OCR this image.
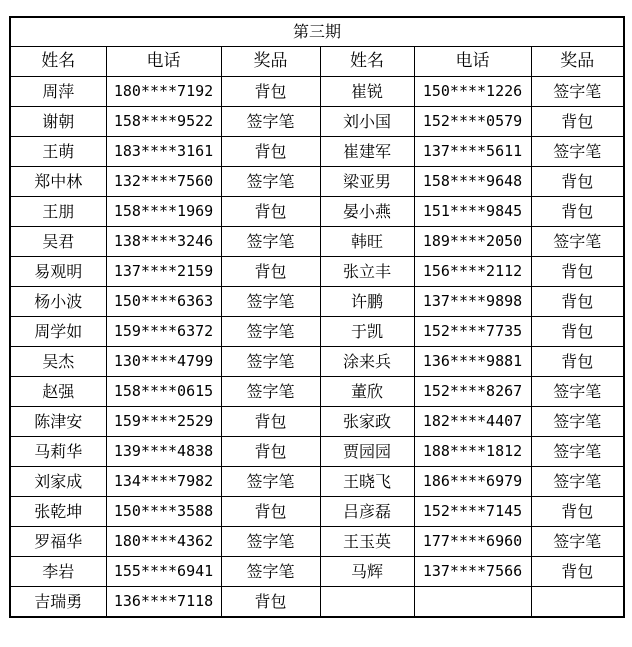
第三期					
姓名	电话	奖品	姓名	电话	奖品
周萍	180****7192	背包	崔锐	150****1226	签字笔
谢朝	158****9522	签字笔	刘小国	152****0579	背包
王萌	183****3161	背包	崔建军	137****5611	签字笔
郑中林	132****7560	签字笔	梁亚男	158****9648	背包
王朋	158****1969	背包	晏小燕	151****9845	背包
吴君	138****3246	签字笔	韩旺	189****2050	签字笔
易观明	137****2159	背包	张立丰	156****2112	背包
杨小波	150****6363	签字笔	许鹏	137****9898	背包
周学如	159****6372	签字笔	于凯	152****7735	背包
吴杰	130****4799	签字笔	涂来兵	136****9881	背包
赵强	158****0615	签字笔	董欣	152****8267	签字笔
陈津安	159****2529	背包	张家政	182****4407	签字笔
马莉华	139****4838	背包	贾园园	188****1812	签字笔
刘家成	134****7982	签字笔	王晓飞	186****6979	签字笔
张乾坤	150****3588	背包	吕彦磊	152****7145	背包
罗福华	180****4362	签字笔	王玉英	177****6960	签字笔
李岩	155****6941	签字笔	马辉	137****7566	背包
吉瑞勇	136****7118	背包			
